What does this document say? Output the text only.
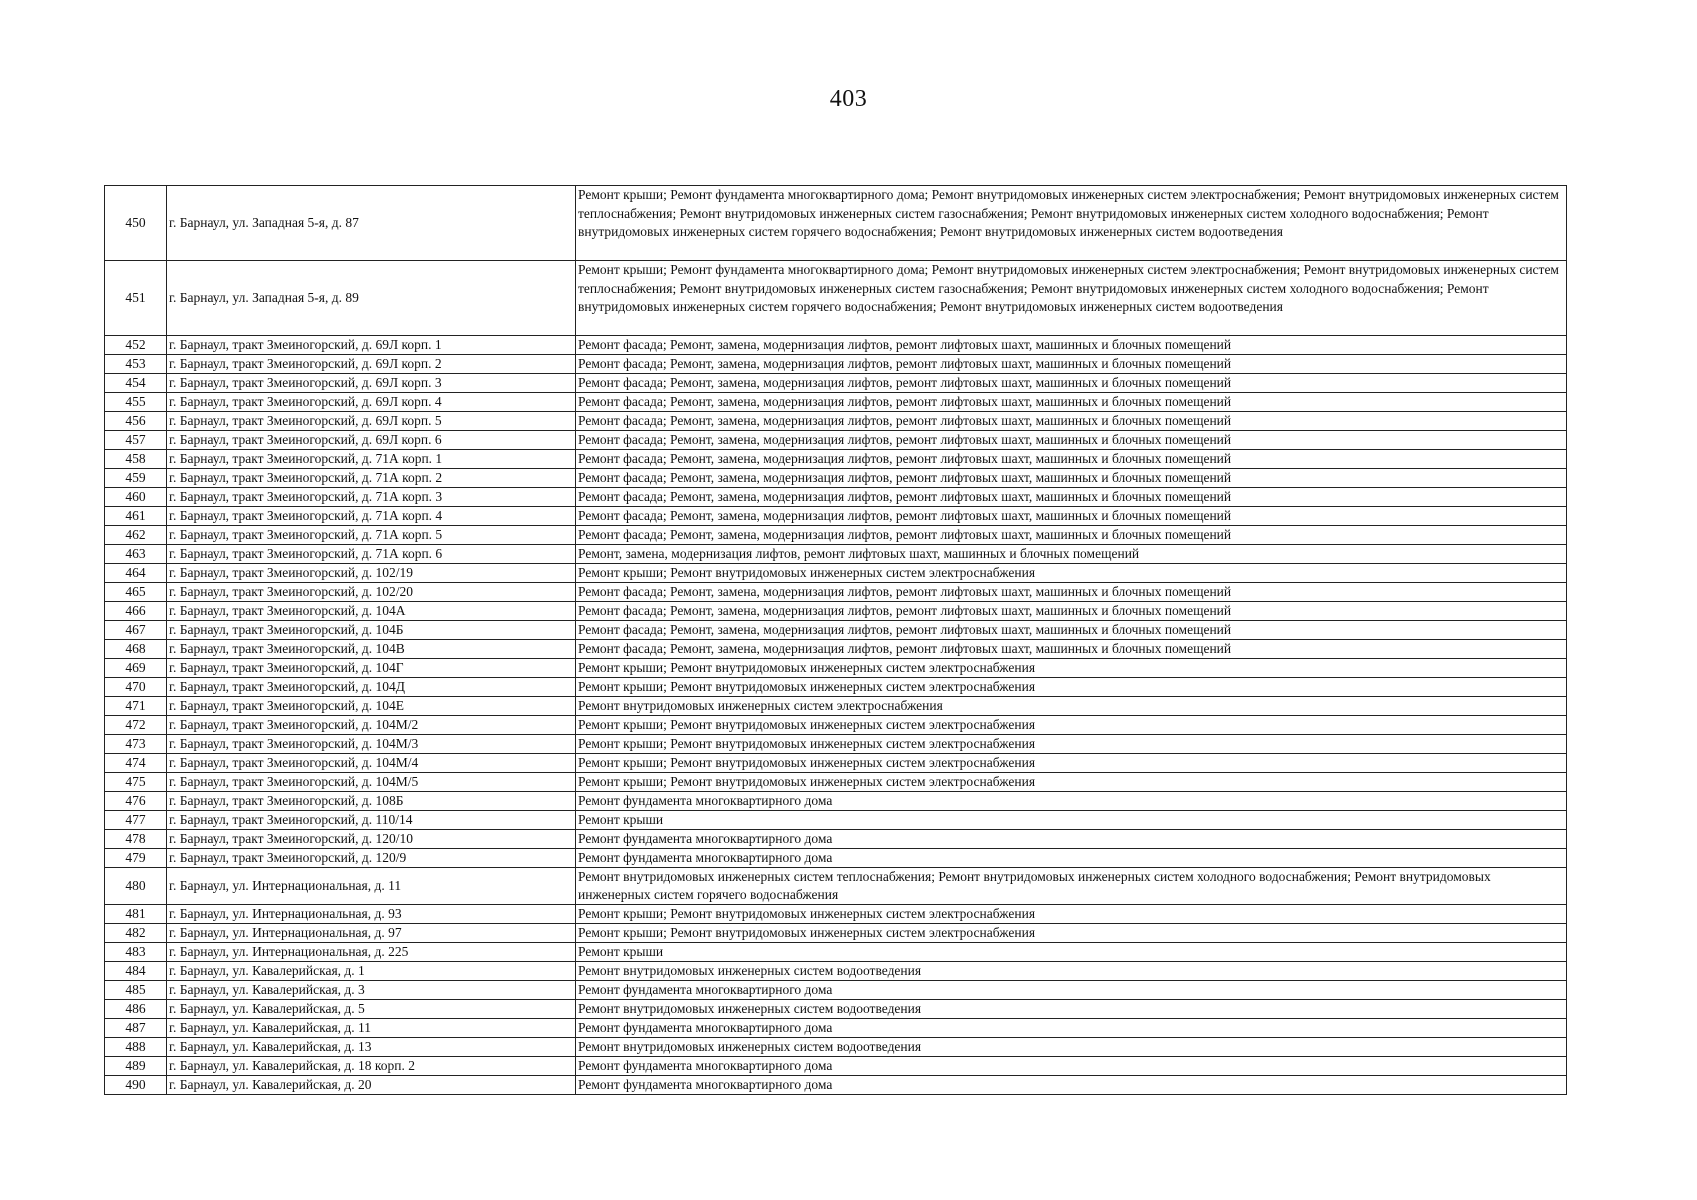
403
450	г. Барнаул, ул. Западная 5-я, д. 87	Ремонт крыши; Ремонт фундамента многоквартирного дома; Ремонт внутридомовых инженерных систем электроснабжения; Ремонт внутридомовых инженерных систем теплоснабжения; Ремонт внутридомовых инженерных систем газоснабжения; Ремонт внутридомовых инженерных систем холодного водоснабжения; Ремонт внутридомовых инженерных систем горячего водоснабжения; Ремонт внутридомовых инженерных систем водоотведения
451	г. Барнаул, ул. Западная 5-я, д. 89	Ремонт крыши; Ремонт фундамента многоквартирного дома; Ремонт внутридомовых инженерных систем электроснабжения; Ремонт внутридомовых инженерных систем теплоснабжения; Ремонт внутридомовых инженерных систем газоснабжения; Ремонт внутридомовых инженерных систем холодного водоснабжения; Ремонт внутридомовых инженерных систем горячего водоснабжения; Ремонт внутридомовых инженерных систем водоотведения
452	г. Барнаул, тракт Змеиногорский, д. 69Л корп. 1	Ремонт фасада; Ремонт, замена, модернизация лифтов, ремонт лифтовых шахт, машинных и блочных помещений
453	г. Барнаул, тракт Змеиногорский, д. 69Л корп. 2	Ремонт фасада; Ремонт, замена, модернизация лифтов, ремонт лифтовых шахт, машинных и блочных помещений
454	г. Барнаул, тракт Змеиногорский, д. 69Л корп. 3	Ремонт фасада; Ремонт, замена, модернизация лифтов, ремонт лифтовых шахт, машинных и блочных помещений
455	г. Барнаул, тракт Змеиногорский, д. 69Л корп. 4	Ремонт фасада; Ремонт, замена, модернизация лифтов, ремонт лифтовых шахт, машинных и блочных помещений
456	г. Барнаул, тракт Змеиногорский, д. 69Л корп. 5	Ремонт фасада; Ремонт, замена, модернизация лифтов, ремонт лифтовых шахт, машинных и блочных помещений
457	г. Барнаул, тракт Змеиногорский, д. 69Л корп. 6	Ремонт фасада; Ремонт, замена, модернизация лифтов, ремонт лифтовых шахт, машинных и блочных помещений
458	г. Барнаул, тракт Змеиногорский, д. 71А корп. 1	Ремонт фасада; Ремонт, замена, модернизация лифтов, ремонт лифтовых шахт, машинных и блочных помещений
459	г. Барнаул, тракт Змеиногорский, д. 71А корп. 2	Ремонт фасада; Ремонт, замена, модернизация лифтов, ремонт лифтовых шахт, машинных и блочных помещений
460	г. Барнаул, тракт Змеиногорский, д. 71А корп. 3	Ремонт фасада; Ремонт, замена, модернизация лифтов, ремонт лифтовых шахт, машинных и блочных помещений
461	г. Барнаул, тракт Змеиногорский, д. 71А корп. 4	Ремонт фасада; Ремонт, замена, модернизация лифтов, ремонт лифтовых шахт, машинных и блочных помещений
462	г. Барнаул, тракт Змеиногорский, д. 71А корп. 5	Ремонт фасада; Ремонт, замена, модернизация лифтов, ремонт лифтовых шахт, машинных и блочных помещений
463	г. Барнаул, тракт Змеиногорский, д. 71А корп. 6	Ремонт, замена, модернизация лифтов, ремонт лифтовых шахт, машинных и блочных помещений
464	г. Барнаул, тракт Змеиногорский, д. 102/19	Ремонт крыши; Ремонт внутридомовых инженерных систем электроснабжения
465	г. Барнаул, тракт Змеиногорский, д. 102/20	Ремонт фасада; Ремонт, замена, модернизация лифтов, ремонт лифтовых шахт, машинных и блочных помещений
466	г. Барнаул, тракт Змеиногорский, д. 104А	Ремонт фасада; Ремонт, замена, модернизация лифтов, ремонт лифтовых шахт, машинных и блочных помещений
467	г. Барнаул, тракт Змеиногорский, д. 104Б	Ремонт фасада; Ремонт, замена, модернизация лифтов, ремонт лифтовых шахт, машинных и блочных помещений
468	г. Барнаул, тракт Змеиногорский, д. 104В	Ремонт фасада; Ремонт, замена, модернизация лифтов, ремонт лифтовых шахт, машинных и блочных помещений
469	г. Барнаул, тракт Змеиногорский, д. 104Г	Ремонт крыши; Ремонт внутридомовых инженерных систем электроснабжения
470	г. Барнаул, тракт Змеиногорский, д. 104Д	Ремонт крыши; Ремонт внутридомовых инженерных систем электроснабжения
471	г. Барнаул, тракт Змеиногорский, д. 104Е	Ремонт внутридомовых инженерных систем электроснабжения
472	г. Барнаул, тракт Змеиногорский, д. 104М/2	Ремонт крыши; Ремонт внутридомовых инженерных систем электроснабжения
473	г. Барнаул, тракт Змеиногорский, д. 104М/3	Ремонт крыши; Ремонт внутридомовых инженерных систем электроснабжения
474	г. Барнаул, тракт Змеиногорский, д. 104М/4	Ремонт крыши; Ремонт внутридомовых инженерных систем электроснабжения
475	г. Барнаул, тракт Змеиногорский, д. 104М/5	Ремонт крыши; Ремонт внутридомовых инженерных систем электроснабжения
476	г. Барнаул, тракт Змеиногорский, д. 108Б	Ремонт фундамента многоквартирного дома
477	г. Барнаул, тракт Змеиногорский, д. 110/14	Ремонт крыши
478	г. Барнаул, тракт Змеиногорский, д. 120/10	Ремонт фундамента многоквартирного дома
479	г. Барнаул, тракт Змеиногорский, д. 120/9	Ремонт фундамента многоквартирного дома
480	г. Барнаул, ул. Интернациональная, д. 11	Ремонт внутридомовых инженерных систем теплоснабжения; Ремонт внутридомовых инженерных систем холодного водоснабжения; Ремонт внутридомовых инженерных систем горячего водоснабжения
481	г. Барнаул, ул. Интернациональная, д. 93	Ремонт крыши; Ремонт внутридомовых инженерных систем электроснабжения
482	г. Барнаул, ул. Интернациональная, д. 97	Ремонт крыши; Ремонт внутридомовых инженерных систем электроснабжения
483	г. Барнаул, ул. Интернациональная, д. 225	Ремонт крыши
484	г. Барнаул, ул. Кавалерийская, д. 1	Ремонт внутридомовых инженерных систем водоотведения
485	г. Барнаул, ул. Кавалерийская, д. 3	Ремонт фундамента многоквартирного дома
486	г. Барнаул, ул. Кавалерийская, д. 5	Ремонт внутридомовых инженерных систем водоотведения
487	г. Барнаул, ул. Кавалерийская, д. 11	Ремонт фундамента многоквартирного дома
488	г. Барнаул, ул. Кавалерийская, д. 13	Ремонт внутридомовых инженерных систем водоотведения
489	г. Барнаул, ул. Кавалерийская, д. 18 корп. 2	Ремонт фундамента многоквартирного дома
490	г. Барнаул, ул. Кавалерийская, д. 20	Ремонт фундамента многоквартирного дома
